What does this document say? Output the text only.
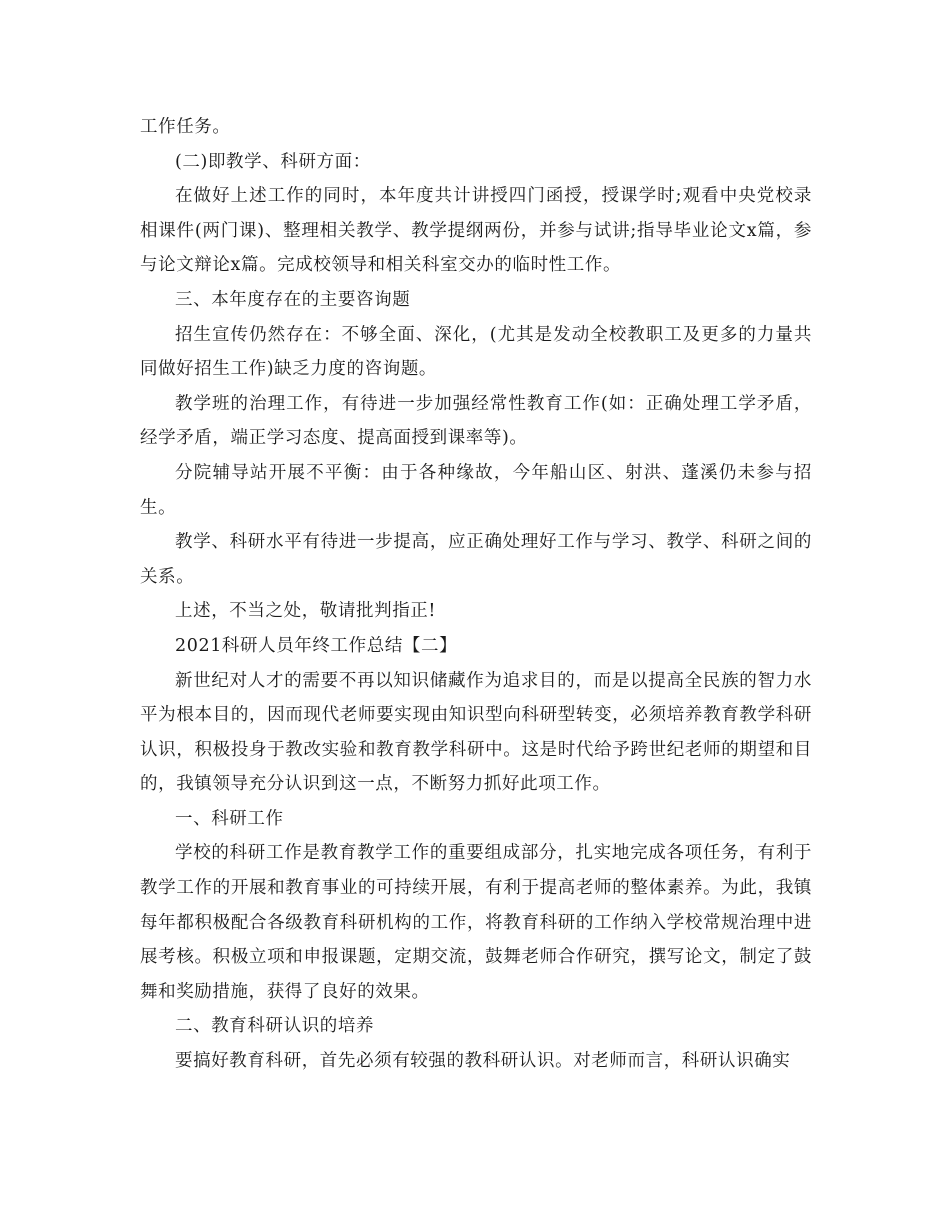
工作任务。

(二)即教学、科研方面：

在做好上述工作的同时，本年度共计讲授四门函授，授课学时;观看中央党校录相课件(两门课)、整理相关教学、教学提纲两份，并参与试讲;指导毕业论文x篇，参与论文辩论x篇。完成校领导和相关科室交办的临时性工作。

三、本年度存在的主要咨询题

招生宣传仍然存在：不够全面、深化，(尤其是发动全校教职工及更多的力量共同做好招生工作)缺乏力度的咨询题。

教学班的治理工作，有待进一步加强经常性教育工作(如：正确处理工学矛盾，经学矛盾，端正学习态度、提高面授到课率等)。

分院辅导站开展不平衡：由于各种缘故，今年船山区、射洪、蓬溪仍未参与招生。

教学、科研水平有待进一步提高，应正确处理好工作与学习、教学、科研之间的关系。

上述，不当之处，敬请批判指正!

2021科研人员年终工作总结【二】

新世纪对人才的需要不再以知识储藏作为追求目的，而是以提高全民族的智力水平为根本目的，因而现代老师要实现由知识型向科研型转变，必须培养教育教学科研认识，积极投身于教改实验和教育教学科研中。这是时代给予跨世纪老师的期望和目的，我镇领导充分认识到这一点，不断努力抓好此项工作。

一、科研工作

学校的科研工作是教育教学工作的重要组成部分，扎实地完成各项任务，有利于教学工作的开展和教育事业的可持续开展，有利于提高老师的整体素养。为此，我镇每年都积极配合各级教育科研机构的工作，将教育科研的工作纳入学校常规治理中进展考核。积极立项和申报课题，定期交流，鼓舞老师合作研究，撰写论文，制定了鼓舞和奖励措施，获得了良好的效果。

二、教育科研认识的培养

要搞好教育科研，首先必须有较强的教科研认识。对老师而言，科研认识确实
